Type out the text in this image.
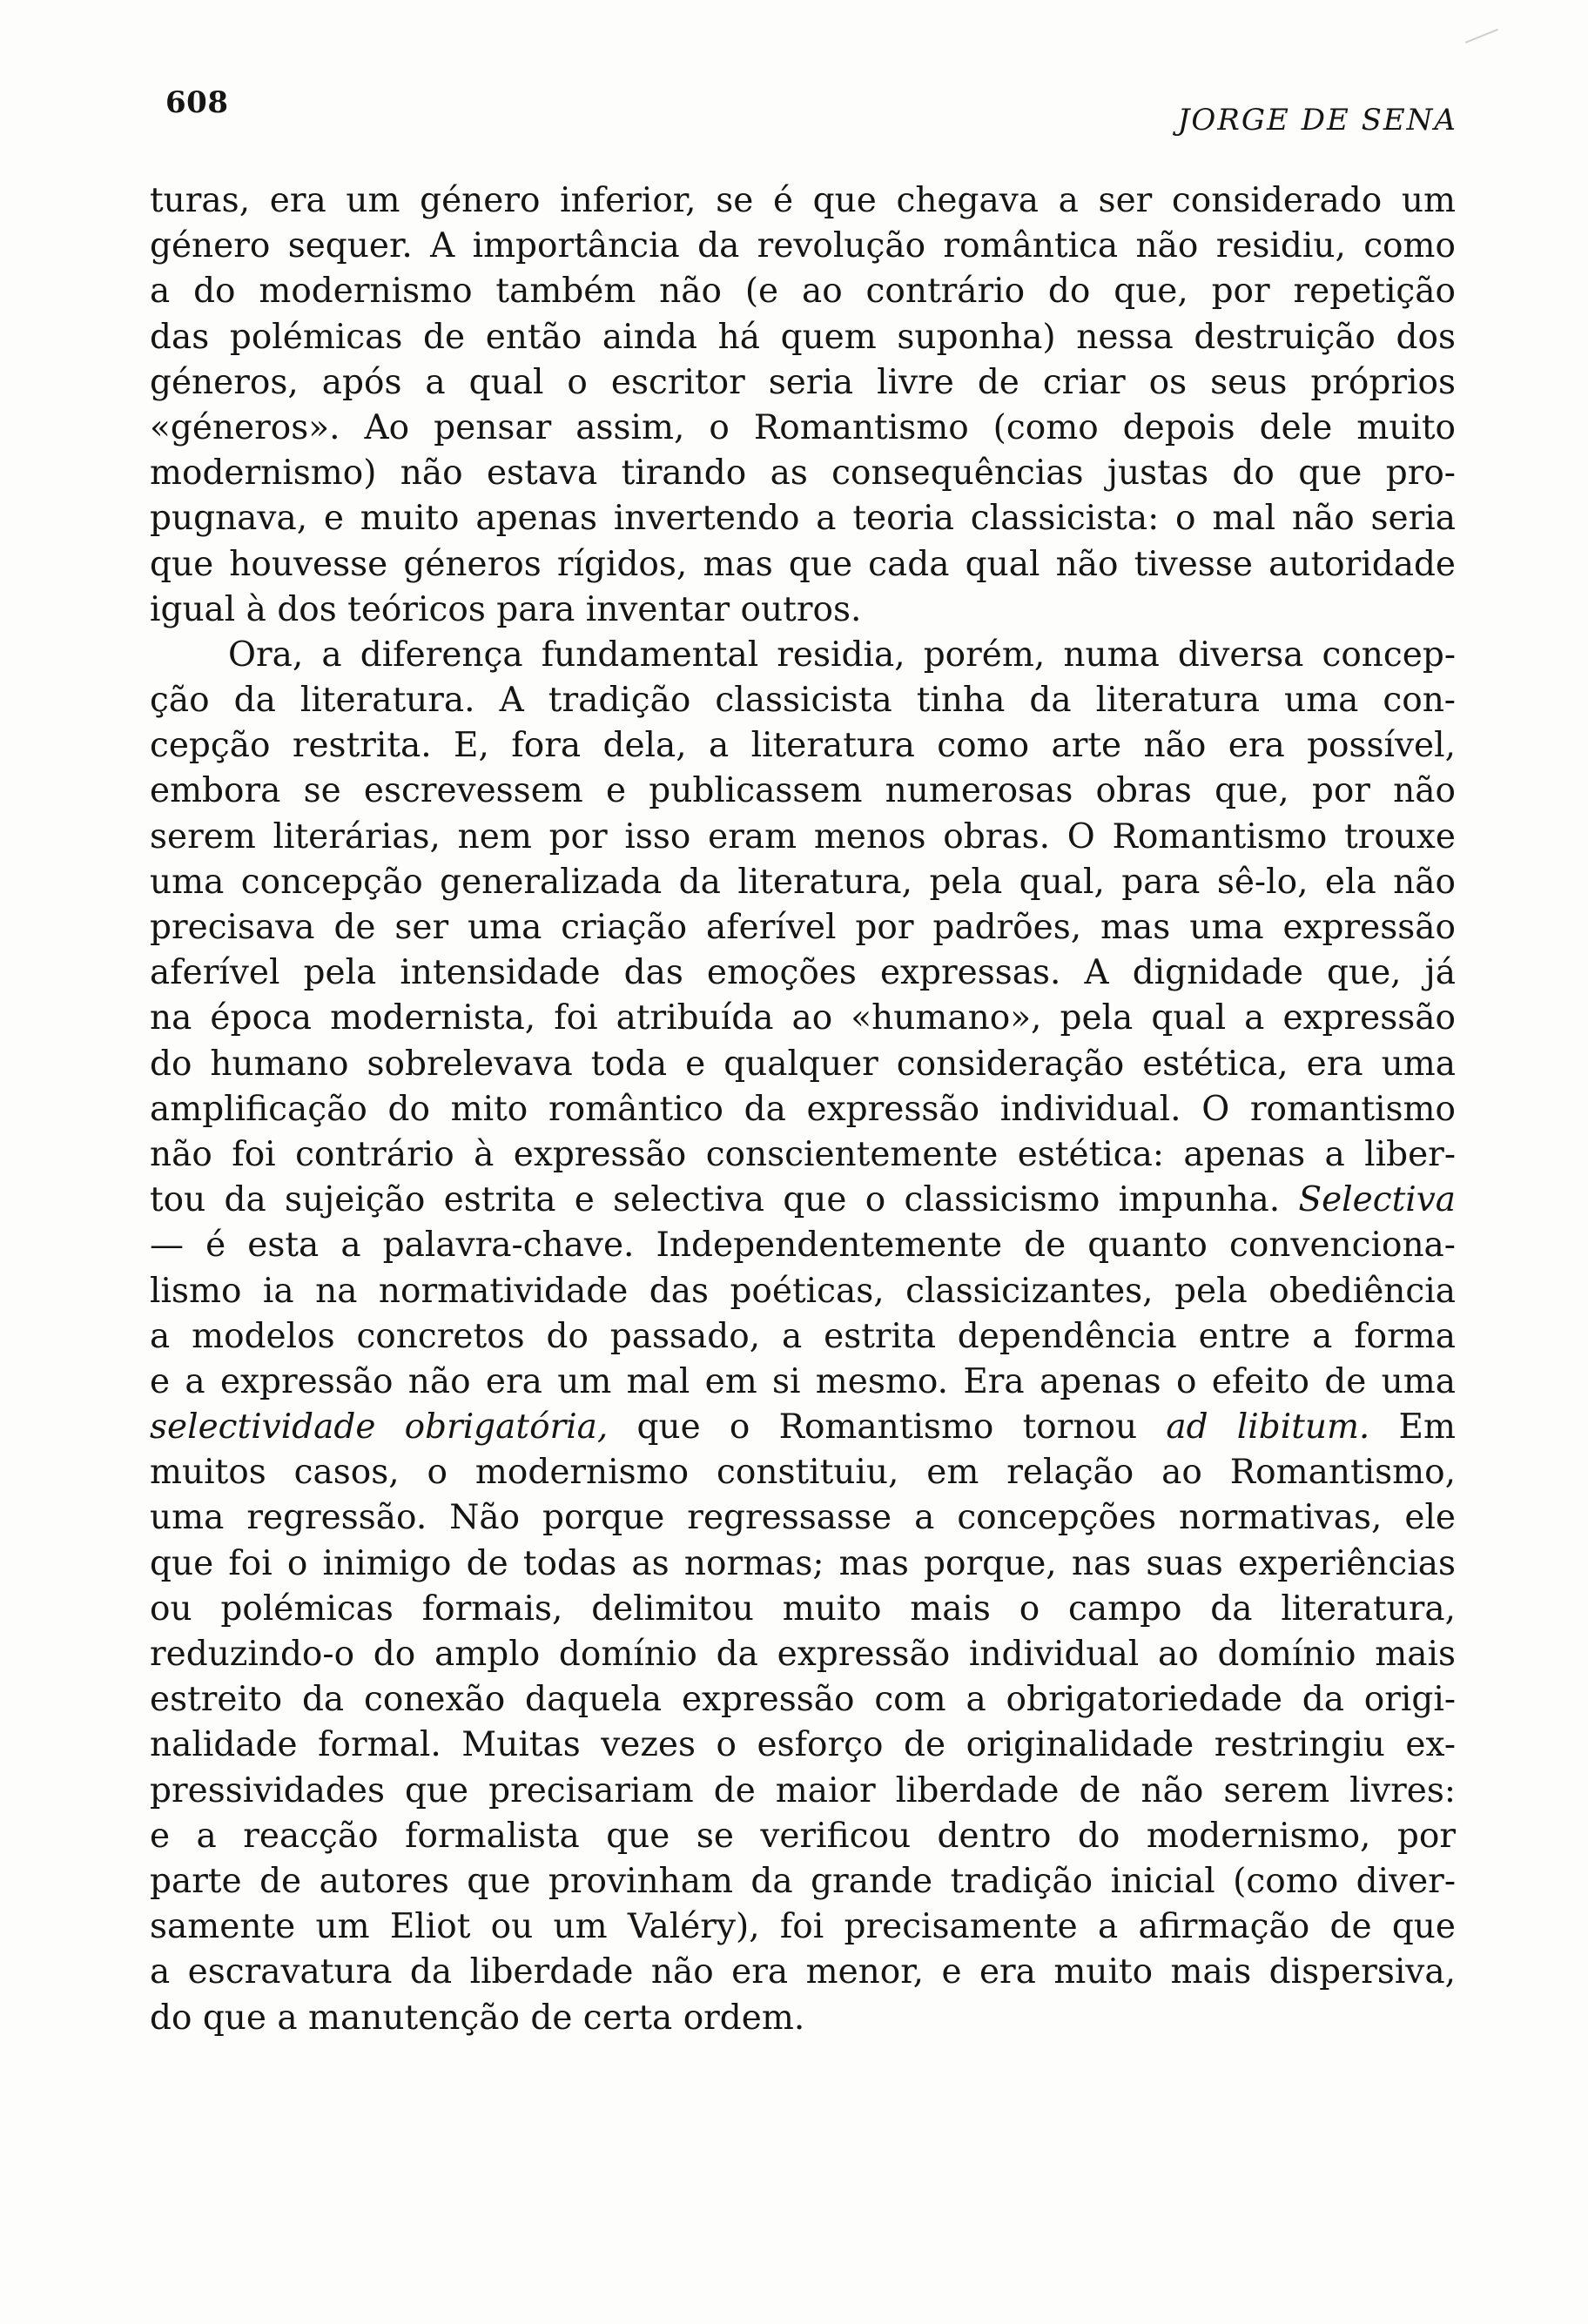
608	JORGE DE SENA
turas, era um género inferior, se é que chegava a ser considerado um
género sequer. A importância da revolução romântica não residiu, como
a do modernismo também não (e ao contrário do que, por repetição
das polémicas de então ainda há quem suponha) nessa destruição dos
géneros, após a qual o escritor seria livre de criar os seus próprios
«géneros». Ao pensar assim, o Romantismo (como depois dele muito
modernismo) não estava tirando as consequências justas do que pro-
pugnava, e muito apenas invertendo a teoria classicista: o mal não seria
que houvesse géneros rígidos, mas que cada qual não tivesse autoridade
igual à dos teóricos para inventar outros.
Ora, a diferença fundamental residia, porém, numa diversa concep-
ção da literatura. A tradição classicista tinha da literatura uma con-
cepção restrita. E, fora dela, a literatura como arte não era possível,
embora se escrevessem e publicassem numerosas obras que, por não
serem literárias, nem por isso eram menos obras. O Romantismo trouxe
uma concepção generalizada da literatura, pela qual, para sê-lo, ela não
precisava de ser uma criação aferível por padrões, mas uma expressão
aferível pela intensidade das emoções expressas. A dignidade que, já
na época modernista, foi atribuída ao «humano», pela qual a expressão
do humano sobrelevava toda e qualquer consideração estética, era uma
amplificação do mito romântico da expressão individual. O romantismo
não foi contrário à expressão conscientemente estética: apenas a liber-
tou da sujeição estrita e selectiva que o classicismo impunha. Selectiva
— é esta a palavra-chave. Independentemente de quanto convenciona-
lismo ia na normatividade das poéticas, classicizantes, pela obediência
a modelos concretos do passado, a estrita dependência entre a forma
e a expressão não era um mal em si mesmo. Era apenas o efeito de uma
selectividade obrigatória, que o Romantismo tornou ad libitum. Em
muitos casos, o modernismo constituiu, em relação ao Romantismo,
uma regressão. Não porque regressasse a concepções normativas, ele
que foi o inimigo de todas as normas; mas porque, nas suas experiências
ou polémicas formais, delimitou muito mais o campo da literatura,
reduzindo-o do amplo domínio da expressão individual ao domínio mais
estreito da conexão daquela expressão com a obrigatoriedade da origi-
nalidade formal. Muitas vezes o esforço de originalidade restringiu ex-
pressividades que precisariam de maior liberdade de não serem livres:
e a reacção formalista que se verificou dentro do modernismo, por
parte de autores que provinham da grande tradição inicial (como diver-
samente um Eliot ou um Valéry), foi precisamente a afirmação de que
a escravatura da liberdade não era menor, e era muito mais dispersiva,
do que a manutenção de certa ordem.
